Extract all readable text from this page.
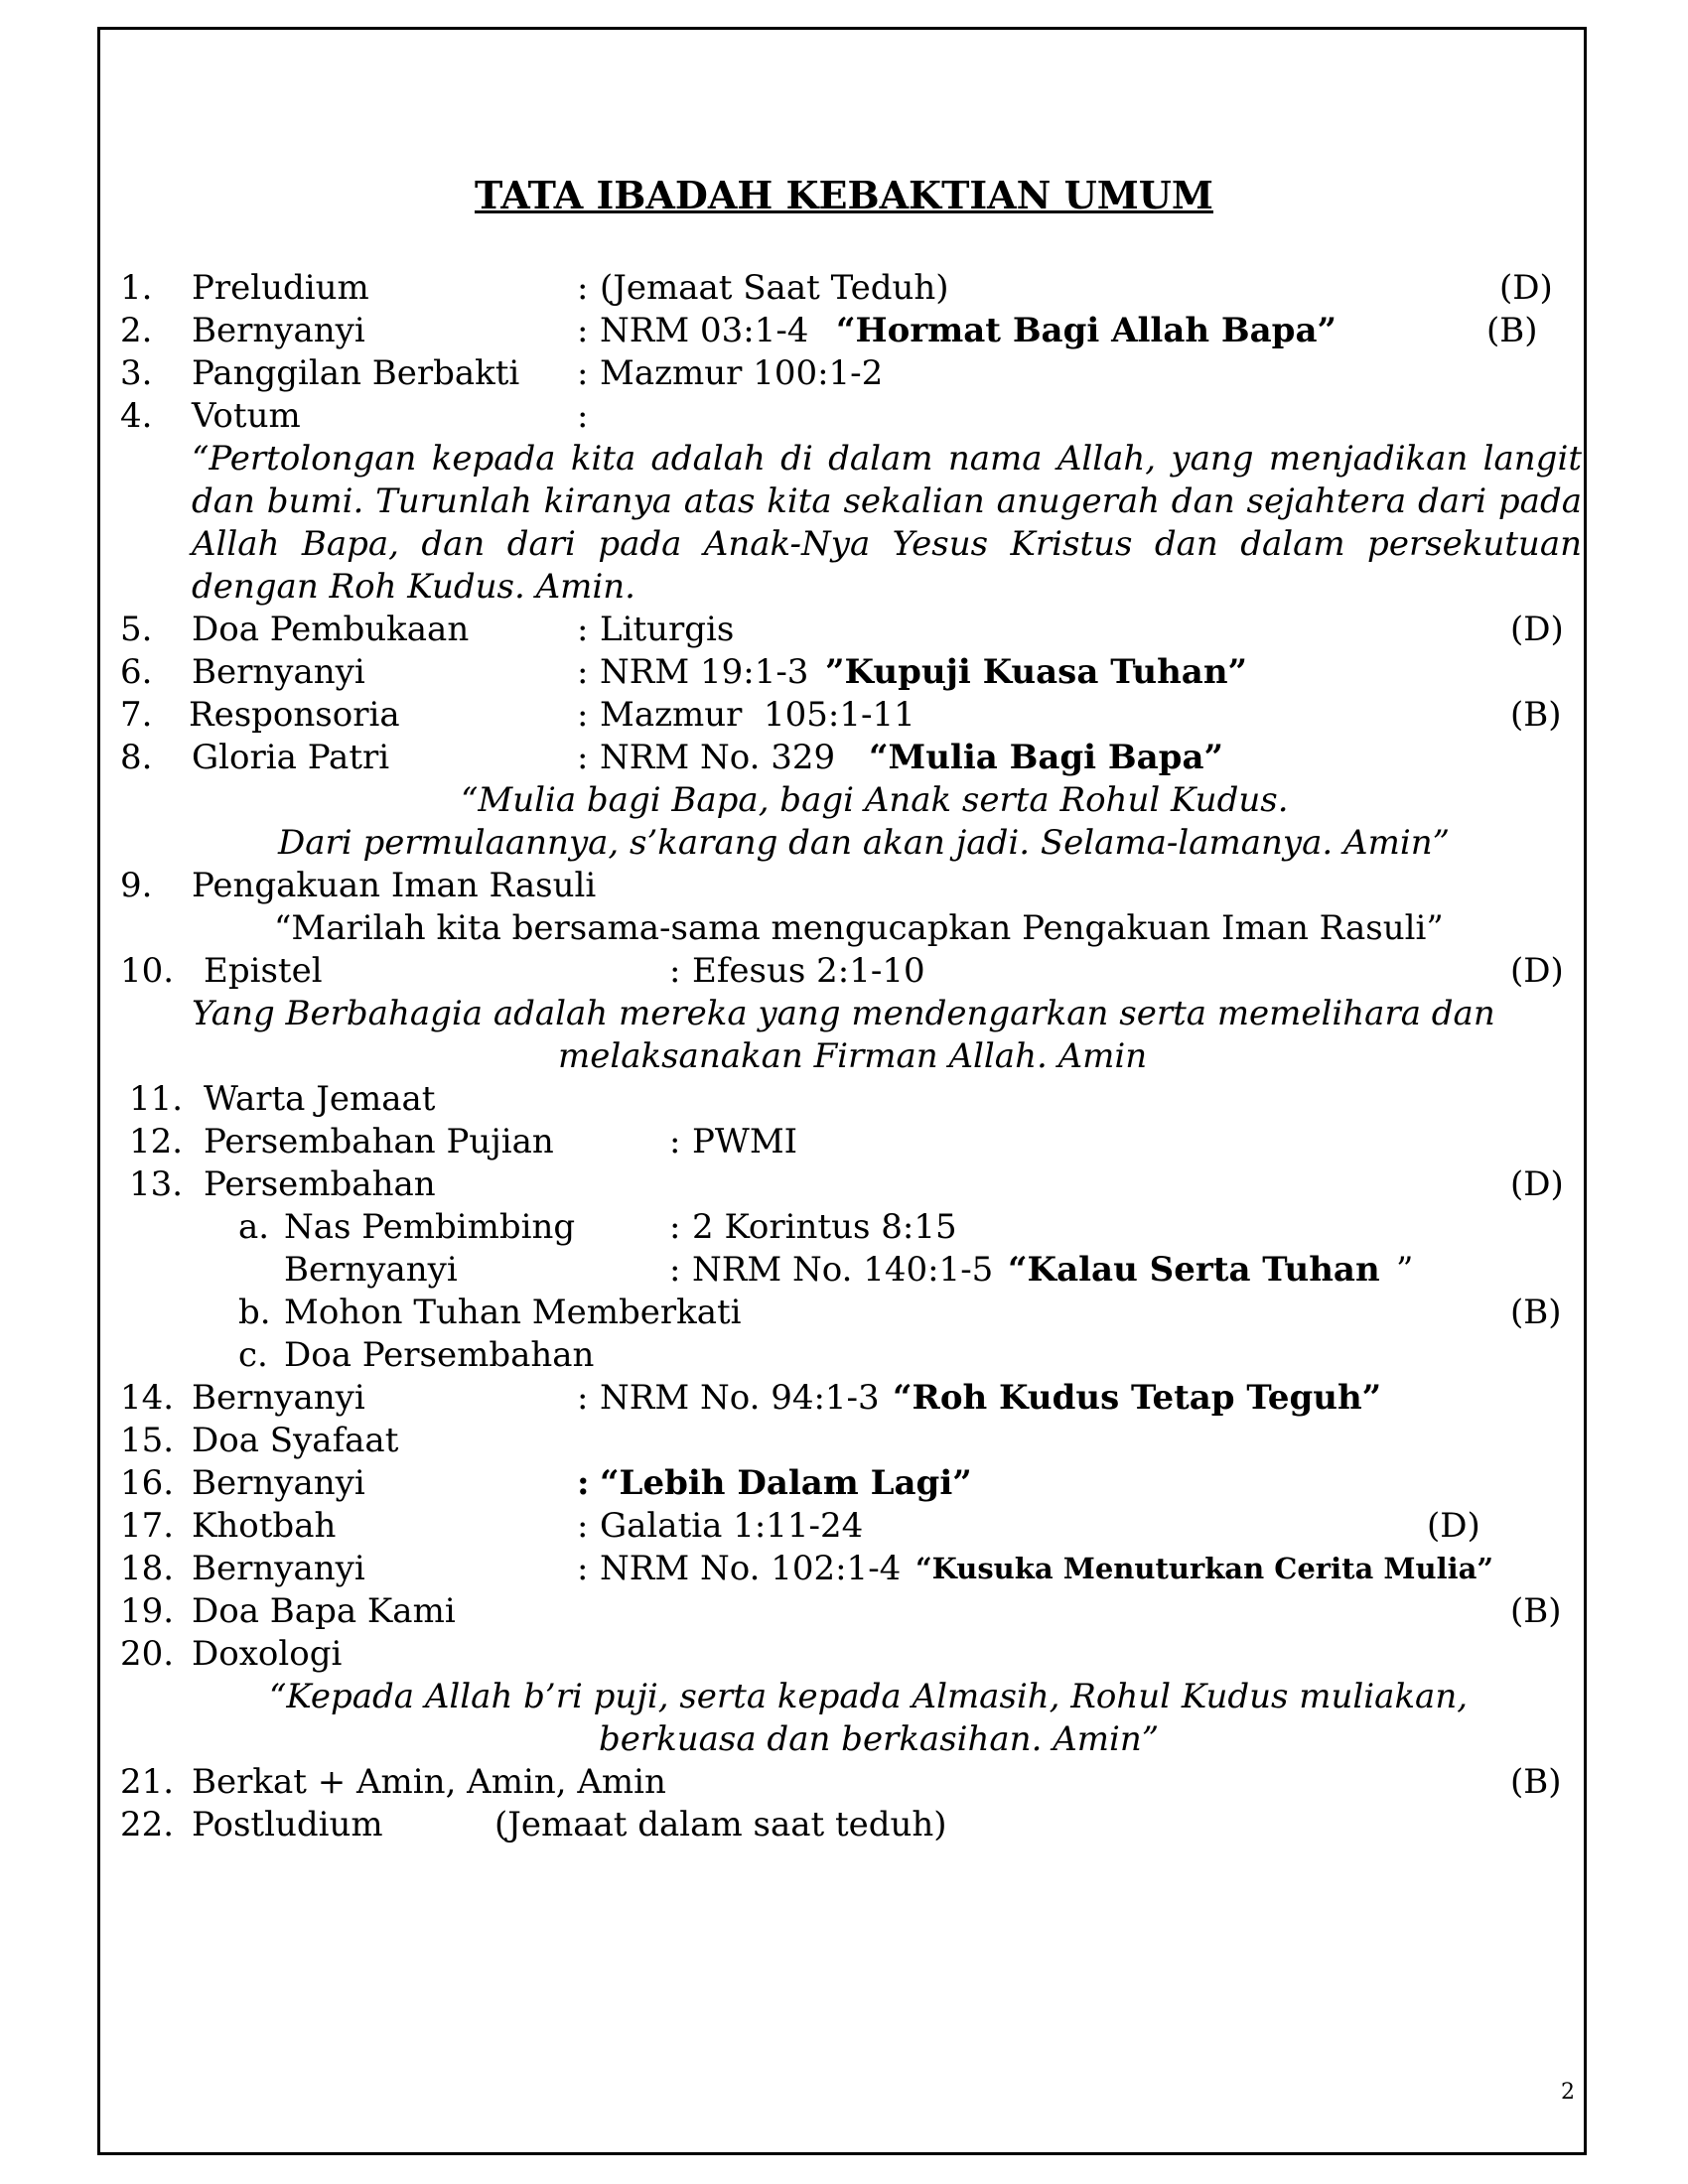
TATA IBADAH KEBAKTIAN UMUM
1. Preludium	: (Jemaat Saat Teduh)	(D)
2. Bernyanyi	: NRM 03:1-4 “Hormat Bagi Allah Bapa”	(B)
3. Panggilan Berbakti : Mazmur 100:1-2
4. Votum	:
“Pertolongan kepada kita adalah di dalam nama Allah, yang menjadikan langit dan bumi. Turunlah kiranya atas kita sekalian anugerah dan sejahtera dari pada Allah Bapa, dan dari pada Anak-Nya Yesus Kristus dan dalam persekutuan dengan Roh Kudus. Amin.
5. Doa Pembukaan	: Liturgis	(D)
6. Bernyanyi	: NRM 19:1-3 ”Kupuji Kuasa Tuhan”
7. Responsoria	: Mazmur  105:1-11	(B)
8. Gloria Patri	: NRM No. 329 “Mulia Bagi Bapa”
“Mulia bagi Bapa, bagi Anak serta Rohul Kudus.
Dari permulaannya, s’karang dan akan jadi. Selama-lamanya. Amin”
9. Pengakuan Iman Rasuli
“Marilah kita bersama-sama mengucapkan Pengakuan Iman Rasuli”
10. Epistel	: Efesus 2:1-10	(D)
Yang Berbahagia adalah mereka yang mendengarkan serta memelihara dan
melaksanakan Firman Allah. Amin
11. Warta Jemaat
12. Persembahan Pujian	: PWMI
13. Persembahan	(D)
a. Nas Pembimbing	: 2 Korintus 8:15
Bernyanyi	: NRM No. 140:1-5 “Kalau Serta Tuhan ”
b. Mohon Tuhan Memberkati	(B)
c. Doa Persembahan
14. Bernyanyi	: NRM No. 94:1-3 “Roh Kudus Tetap Teguh”
15. Doa Syafaat
16. Bernyanyi	: “Lebih Dalam Lagi”
17. Khotbah	: Galatia 1:11-24	(D)
18. Bernyanyi	: NRM No. 102:1-4 “Kusuka Menuturkan Cerita Mulia”
19. Doa Bapa Kami	(B)
20. Doxologi
“Kepada Allah b’ri puji, serta kepada Almasih, Rohul Kudus muliakan,
berkuasa dan berkasihan. Amin”
21. Berkat + Amin, Amin, Amin	(B)
22. Postludium	(Jemaat dalam saat teduh)
2
